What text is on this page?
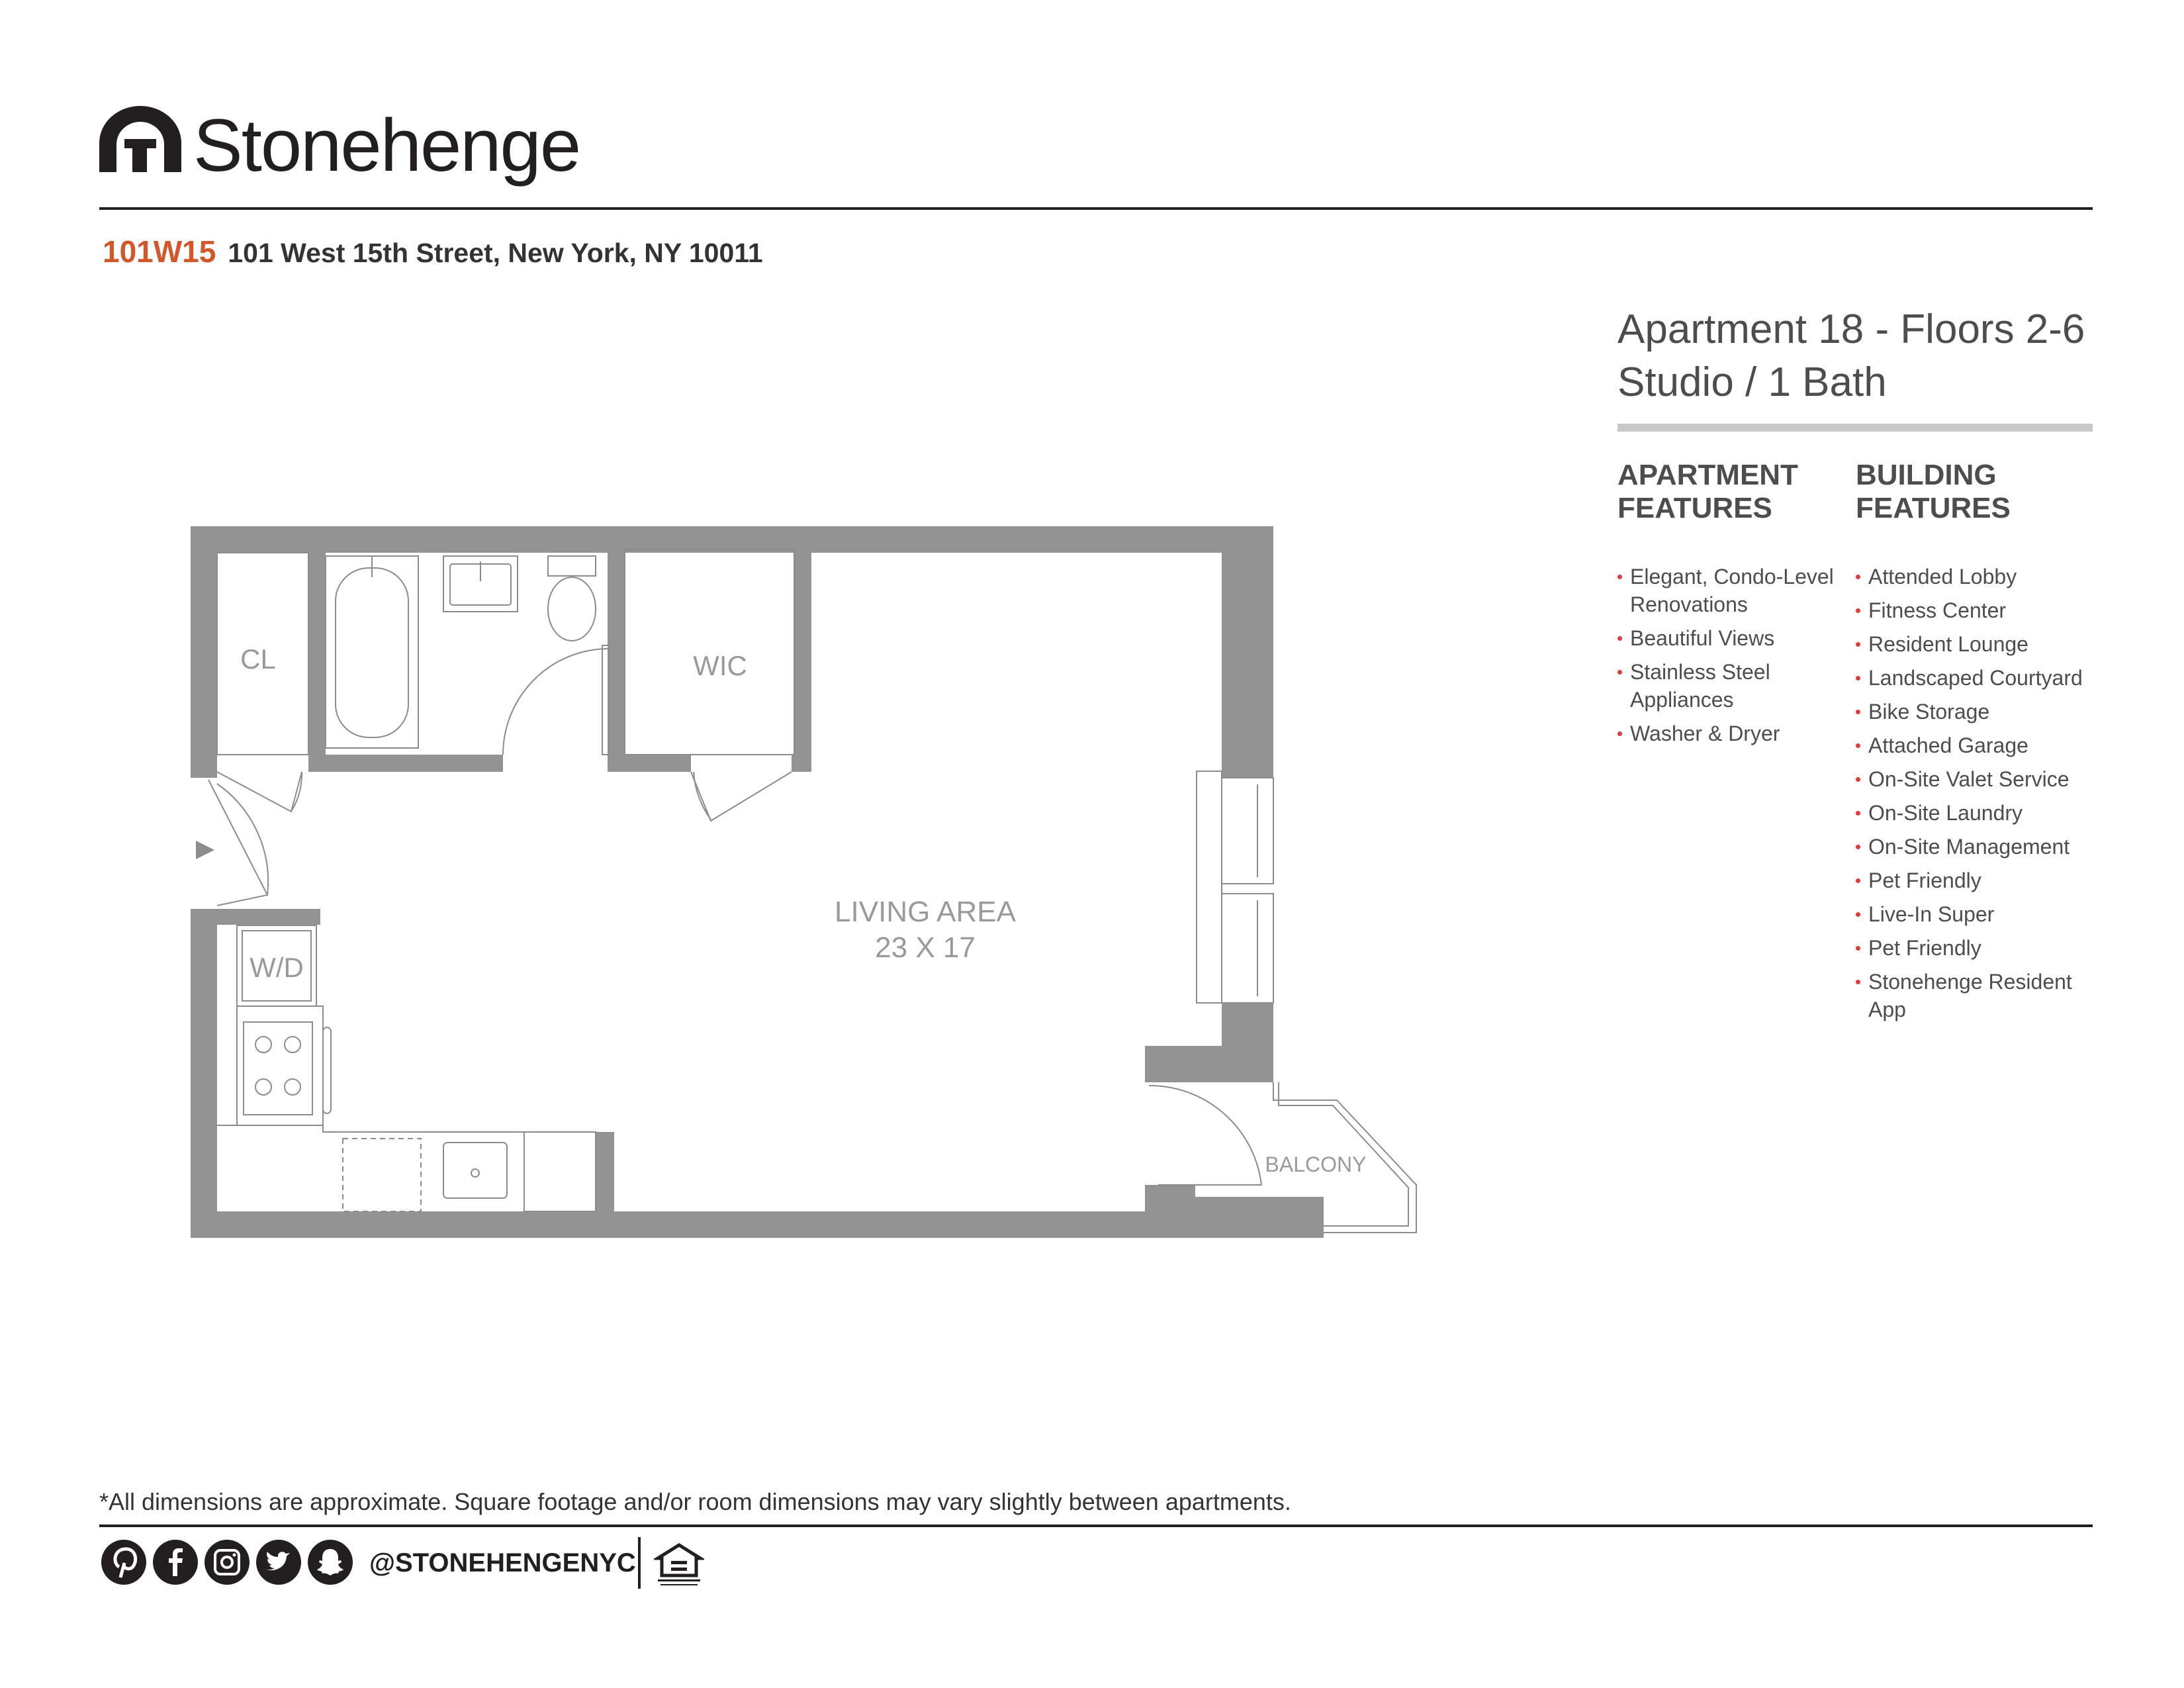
Stonehenge
101W15 101 West 15th Street, New York, NY 10011
Apartment 18 - Floors 2-6
Studio / 1 Bath
APARTMENT
FEATURES
BUILDING
FEATURES
Elegant, Condo-Level Renovations
Beautiful Views
Stainless Steel Appliances
Washer & Dryer
Attended Lobby
Fitness Center
Resident Lounge
Landscaped Courtyard
Bike Storage
Attached Garage
On-Site Valet Service
On-Site Laundry
On-Site Management
Pet Friendly
Live-In Super
Pet Friendly
Stonehenge Resident App
CL	WIC
LIVING AREA
23 X 17
W/D
BALCONY
*All dimensions are approximate. Square footage and/or room dimensions may vary slightly between apartments.
@STONEHENGENYC
